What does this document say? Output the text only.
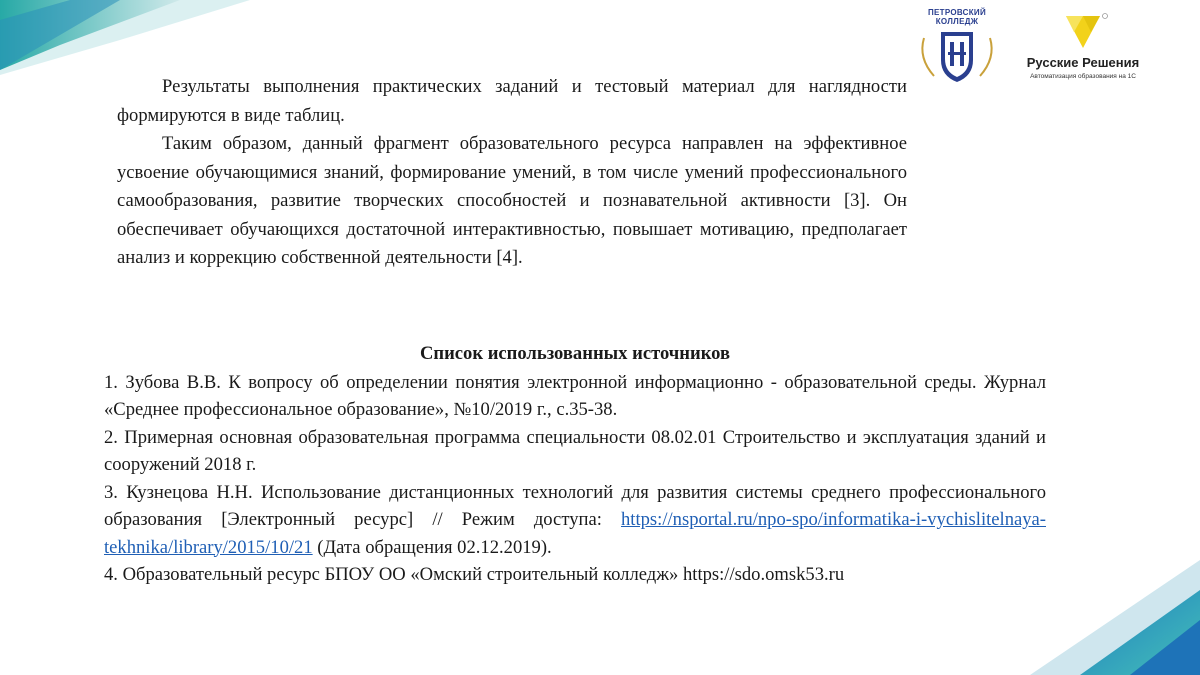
ПЕТРОВСКИЙ КОЛЛЕДЖ
Русские Решения
Автоматизация образования на 1С

Результаты выполнения практических заданий и тестовый материал для наглядности формируются в виде таблиц.

Таким образом, данный фрагмент образовательного ресурса направлен на эффективное усвоение обучающимися знаний, формирование умений, в том числе умений профессионального самообразования, развитие творческих способностей и познавательной активности [3]. Он обеспечивает обучающихся достаточной интерактивностью, повышает мотивацию, предполагает анализ и коррекцию собственной деятельности [4].

Список использованных источников

1. Зубова В.В. К вопросу об определении понятия электронной информационно - образовательной среды. Журнал «Среднее профессиональное образование», №10/2019 г., с.35-38.

2. Примерная основная образовательная программа специальности 08.02.01 Строительство и эксплуатация зданий и сооружений 2018 г.

3. Кузнецова Н.Н. Использование дистанционных технологий для развития системы среднего профессионального образования [Электронный ресурс] // Режим доступа: https://nsportal.ru/npo-spo/informatika-i-vychislitelnaya-tekhnika/library/2015/10/21 (Дата обращения 02.12.2019).

4. Образовательный ресурс БПОУ ОО «Омский строительный колледж» https://sdo.omsk53.ru
